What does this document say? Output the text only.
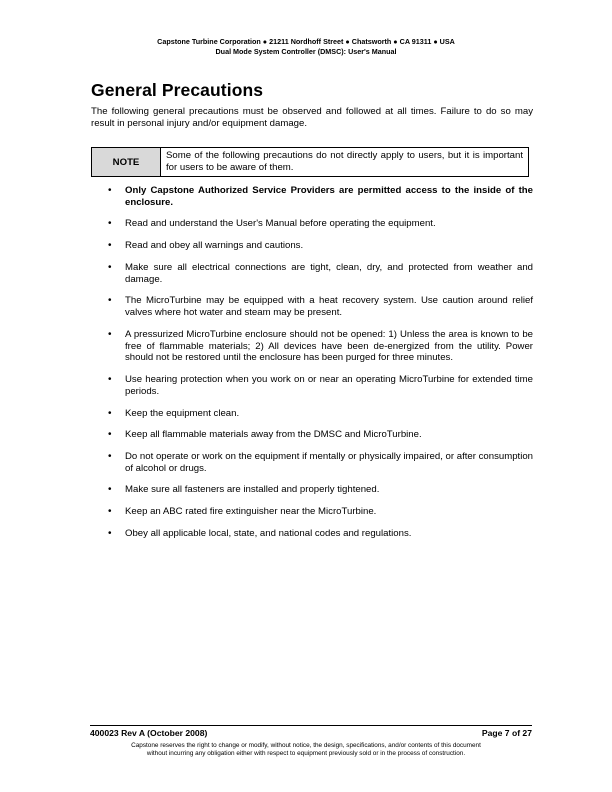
Capstone Turbine Corporation ● 21211 Nordhoff Street ● Chatsworth ● CA 91311 ● USA
Dual Mode System Controller (DMSC): User's Manual
General Precautions

The following general precautions must be observed and followed at all times. Failure to do so may result in personal injury and/or equipment damage.

NOTE
Some of the following precautions do not directly apply to users, but it is important for users to be aware of them.
• Only Capstone Authorized Service Providers are permitted access to the inside of the enclosure.
• Read and understand the User's Manual before operating the equipment.
• Read and obey all warnings and cautions.
• Make sure all electrical connections are tight, clean, dry, and protected from weather and damage.
• The MicroTurbine may be equipped with a heat recovery system. Use caution around relief valves where hot water and steam may be present.
• A pressurized MicroTurbine enclosure should not be opened: 1) Unless the area is known to be free of flammable materials; 2) All devices have been de-energized from the utility. Power should not be restored until the enclosure has been purged for three minutes.
• Use hearing protection when you work on or near an operating MicroTurbine for extended time periods.
• Keep the equipment clean.
• Keep all flammable materials away from the DMSC and MicroTurbine.
• Do not operate or work on the equipment if mentally or physically impaired, or after consumption of alcohol or drugs.
• Make sure all fasteners are installed and properly tightened.
• Keep an ABC rated fire extinguisher near the MicroTurbine.
• Obey all applicable local, state, and national codes and regulations.
400023 Rev A (October 2008)	Page 7 of 27
Capstone reserves the right to change or modify, without notice, the design, specifications, and/or contents of this document
without incurring any obligation either with respect to equipment previously sold or in the process of construction.
